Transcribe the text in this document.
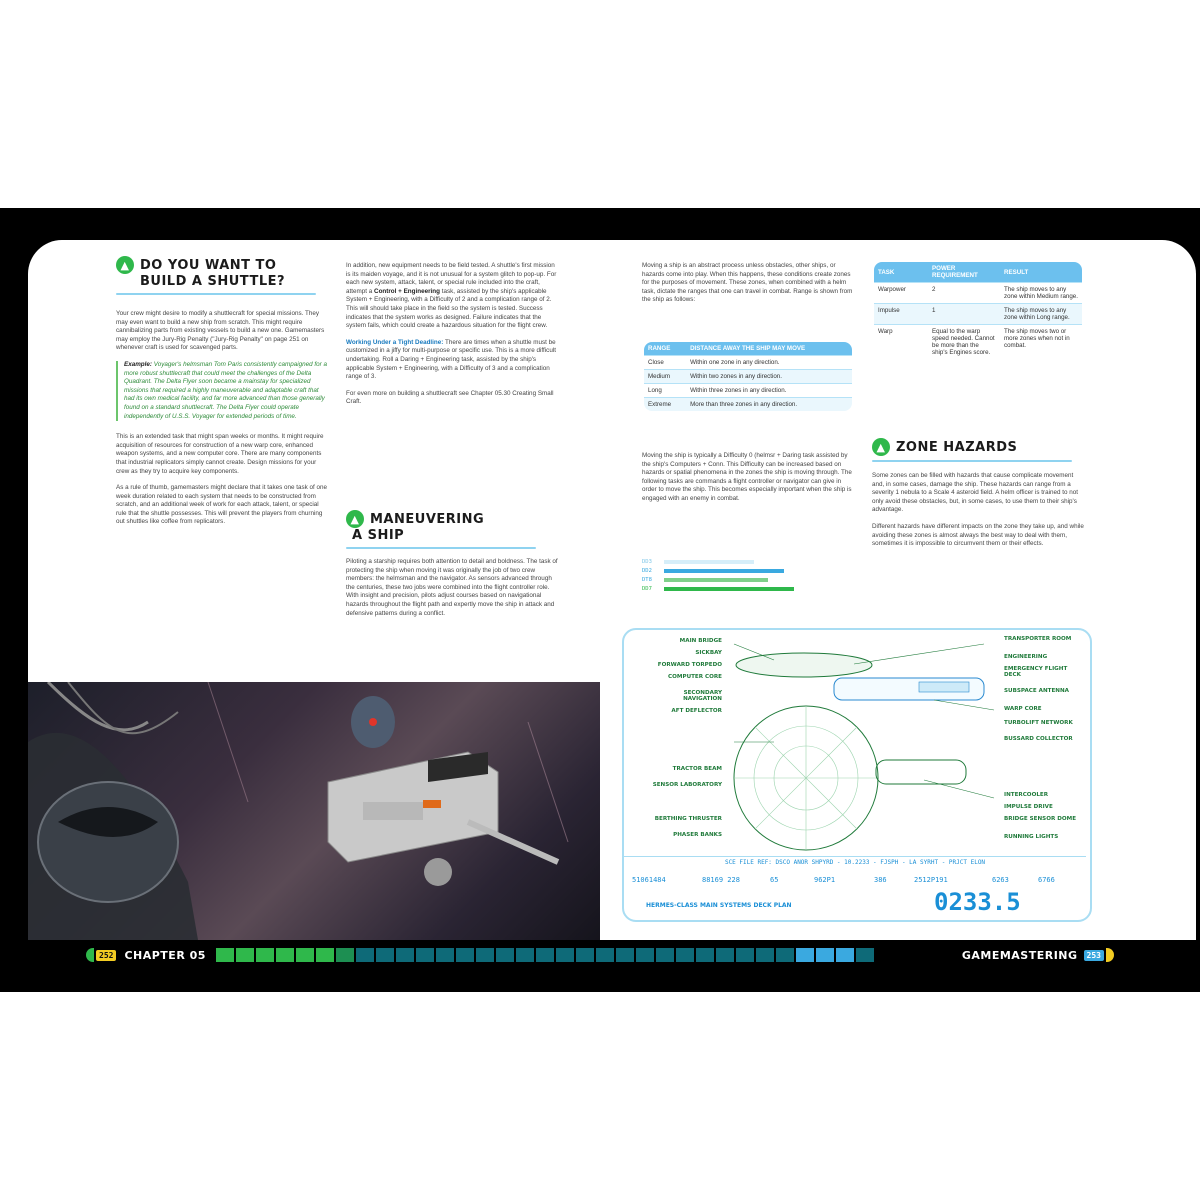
▲ DO YOU WANT TO
BUILD A SHUTTLE?

Your crew might desire to modify a shuttlecraft for special missions. They may even want to build a new ship from scratch. This might require cannibalizing parts from existing vessels to build a new one. Gamemasters may employ the Jury-Rig Penalty ("Jury-Rig Penalty" on page 251 on whenever craft is used for scavenged parts.

Example: Voyager's helmsman Tom Paris consistently campaigned for a more robust shuttlecraft that could meet the challenges of the Delta Quadrant. The Delta Flyer soon became a mainstay for specialized missions that required a highly maneuverable and adaptable craft that had its own medical facility, and far more advanced than those generally found on a standard shuttlecraft. The Delta Flyer could operate independently of U.S.S. Voyager for extended periods of time.

This is an extended task that might span weeks or months. It might require acquisition of resources for construction of a new warp core, enhanced weapon systems, and a new computer core. There are many components that industrial replicators simply cannot create. Design missions for your crew as they try to acquire key components.

As a rule of thumb, gamemasters might declare that it takes one task of one week duration related to each system that needs to be constructed from scratch, and an additional week of work for each attack, talent, or special rule that the shuttle possesses. This will prevent the players from churning out shuttles like coffee from replicators.

In addition, new equipment needs to be field tested. A shuttle's first mission is its maiden voyage, and it is not unusual for a system glitch to pop-up. For each new system, attack, talent, or special rule included into the craft, attempt a Control + Engineering task, assisted by the ship's applicable System + Engineering, with a Difficulty of 2 and a complication range of 2. This will should take place in the field so the system is tested. Success indicates that the system works as designed. Failure indicates that the system fails, which could create a hazardous situation for the flight crew.

Working Under a Tight Deadline: There are times when a shuttle must be customized in a jiffy for multi-purpose or specific use. This is a more difficult undertaking. Roll a Daring + Engineering task, assisted by the ship's applicable System + Engineering, with a Difficulty of 3 and a complication range of 3.

For even more on building a shuttlecraft see Chapter 05.30 Creating Small Craft.

▲ MANEUVERING
A SHIP

Piloting a starship requires both attention to detail and boldness. The task of protecting the ship when moving it was originally the job of two crew members: the helmsman and the navigator. As sensors advanced through the centuries, these two jobs were combined into the flight controller role. With insight and precision, pilots adjust courses based on navigational hazards throughout the flight path and expertly move the ship in attack and defensive patterns during a conflict.

Moving a ship is an abstract process unless obstacles, other ships, or hazards come into play. When this happens, these conditions create zones for the purposes of movement. These zones, when combined with a helm task, dictate the ranges that one can travel in combat. Range is shown from the ship as follows:

RANGE	DISTANCE AWAY THE SHIP MAY MOVE
Close	Within one zone in any direction.
Medium	Within two zones in any direction.
Long	Within three zones in any direction.
Extreme	More than three zones in any direction.

Moving the ship is typically a Difficulty 0 (helmsr + Daring task assisted by the ship's Computers + Conn. This Difficulty can be increased based on hazards or spatial phenomena in the zones the ship is moving through. The following tasks are commands a flight controller or navigator can give in order to move the ship. This becomes especially important when the ship is engaged with an enemy in combat.

DD3
DD2
DT8
DD7
TASK	POWER REQUIREMENT	RESULT
Warpower	2	The ship moves to any zone within Medium range.
Impulse	1	The ship moves to any zone within Long range.
Warp	Equal to the warp speed needed. Cannot be more than the ship's Engines score.	The ship moves two or more zones when not in combat.
▲ ZONE HAZARDS

Some zones can be filled with hazards that cause complicate movement and, in some cases, damage the ship. These hazards can range from a severity 1 nebula to a Scale 4 asteroid field. A helm officer is trained to not only avoid these obstacles, but, in some cases, to use them to their ship's advantage.

Different hazards have different impacts on the zone they take up, and while avoiding these zones is almost always the best way to deal with them, sometimes it is impossible to circumvent them or their effects.

MAIN BRIDGE
SICKBAY
FORWARD TORPEDO
COMPUTER CORE
SECONDARY NAVIGATION
AFT DEFLECTOR
TRACTOR BEAM
SENSOR LABORATORY
BERTHING THRUSTER
PHASER BANKS
TRANSPORTER ROOM
ENGINEERING
EMERGENCY FLIGHT DECK
SUBSPACE ANTENNA
WARP CORE
TURBOLIFT NETWORK
BUSSARD COLLECTOR
INTERCOOLER
IMPULSE DRIVE
BRIDGE SENSOR DOME
RUNNING LIGHTS
SCE FILE REF: DSCO ANOR SHPYRD - 10.2233 - FJSPH - LA SYRHT - PRJCT ELON
51061484	88169 228	65	962P1	386	2512P191	6263	6766
HERMES-CLASS MAIN SYSTEMS DECK PLAN	0233.5
252 CHAPTER 05	GAMEMASTERING	253
